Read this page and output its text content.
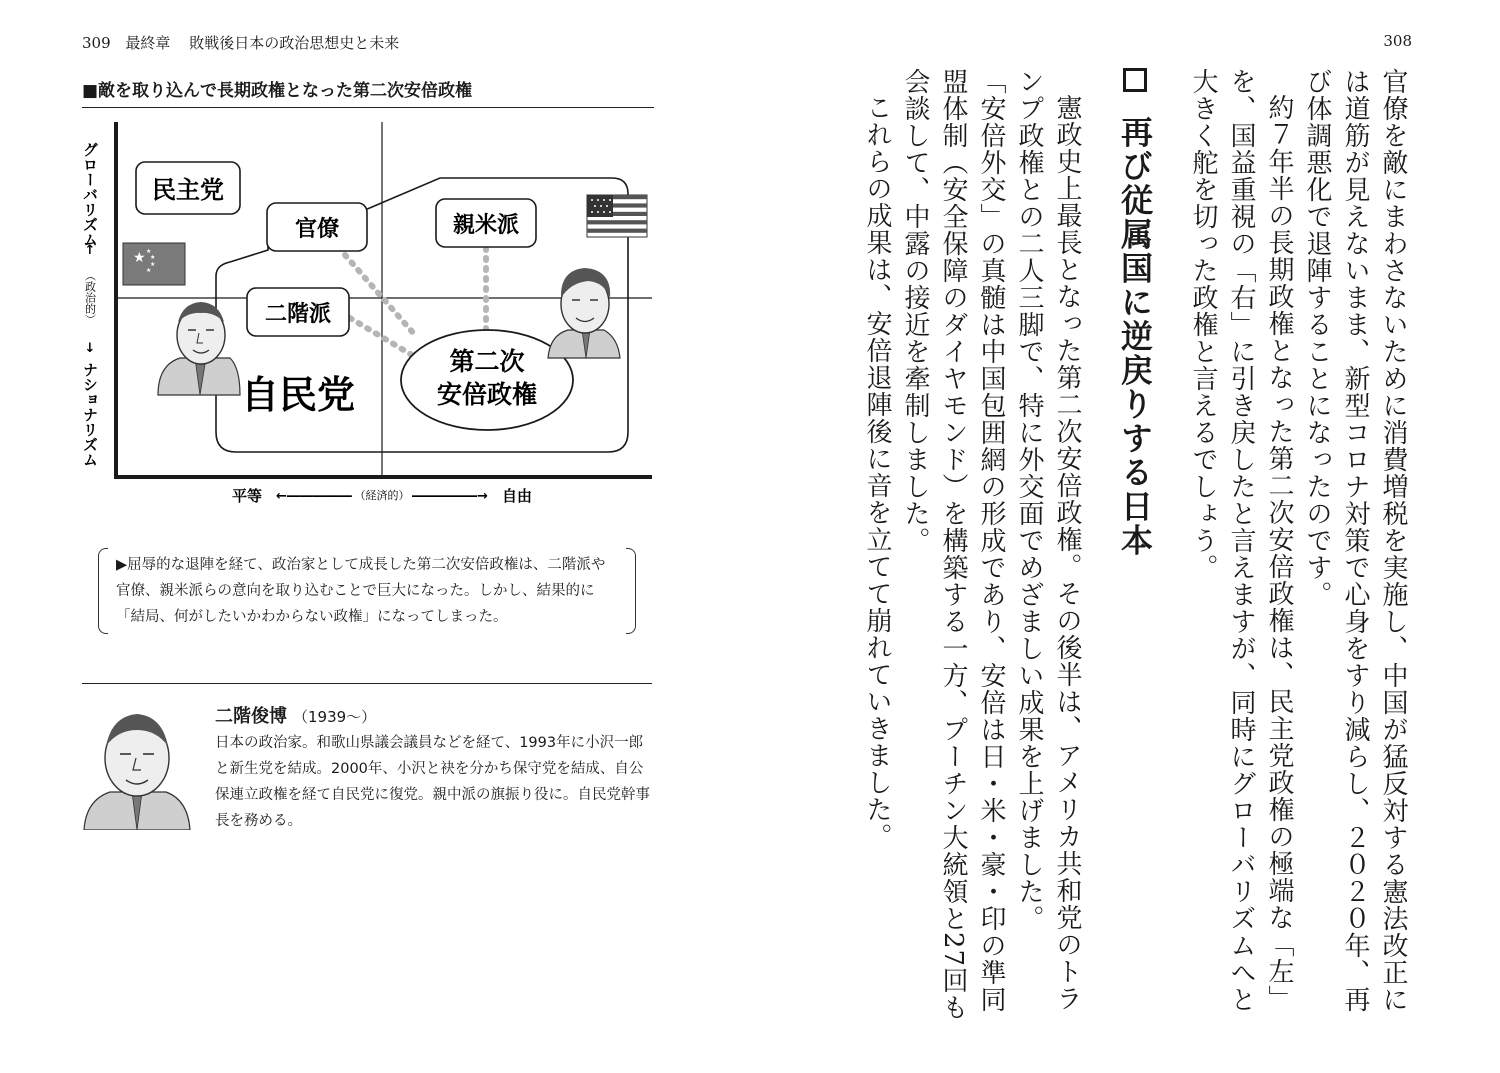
309 最終章 敗戦後日本の政治思想史と未来
■敵を取り込んで長期政権となった第二次安倍政権
民主党
官僚	親米派
二階派
自民党
第二次
安倍政権
★ ★
★
★
★
グローバリズム
↑
（政治的）
↓
ナショナリズム
平等 ←――――― （経済的） ―――――→ 自由
▶屈辱的な退陣を経て、政治家として成長した第二次安倍政権は、二階派や官僚、親米派らの意向を取り込むことで巨大になった。しかし、結果的に「結局、何がしたいかわからない政権」になってしまった。
二階俊博 （1939～）
日本の政治家。和歌山県議会議員などを経て、1993年に小沢一郎と新生党を結成。2000年、小沢と袂を分かち保守党を結成、自公保連立政権を経て自民党に復党。親中派の旗振り役に。自民党幹事長を務める。
308

官僚を敵にまわさないために消費増税を実施し、中国が猛反対する憲法改正には道筋が見えないまま、新型コロナ対策で心身をすり減らし、２０２０年、再び体調悪化で退陣することになったのです。

約７年半の長期政権となった第二次安倍政権は、民主党政権の極端な「左」を、国益重視の「右」に引き戻したと言えますが、同時にグローバリズムへと大きく舵を切った政権と言えるでしょう。

再び従属国に逆戻りする日本

憲政史上最長となった第二次安倍政権。その後半は、アメリカ共和党のトランプ政権との二人三脚で、特に外交面でめざましい成果を上げました。

「安倍外交」の真髄は中国包囲網の形成であり、安倍は日・米・豪・印の準同盟体制（安全保障のダイヤモンド）を構築する一方、プーチン大統領と27回も会談して、中露の接近を牽制しました。

これらの成果は、安倍退陣後に音を立てて崩れていきました。
